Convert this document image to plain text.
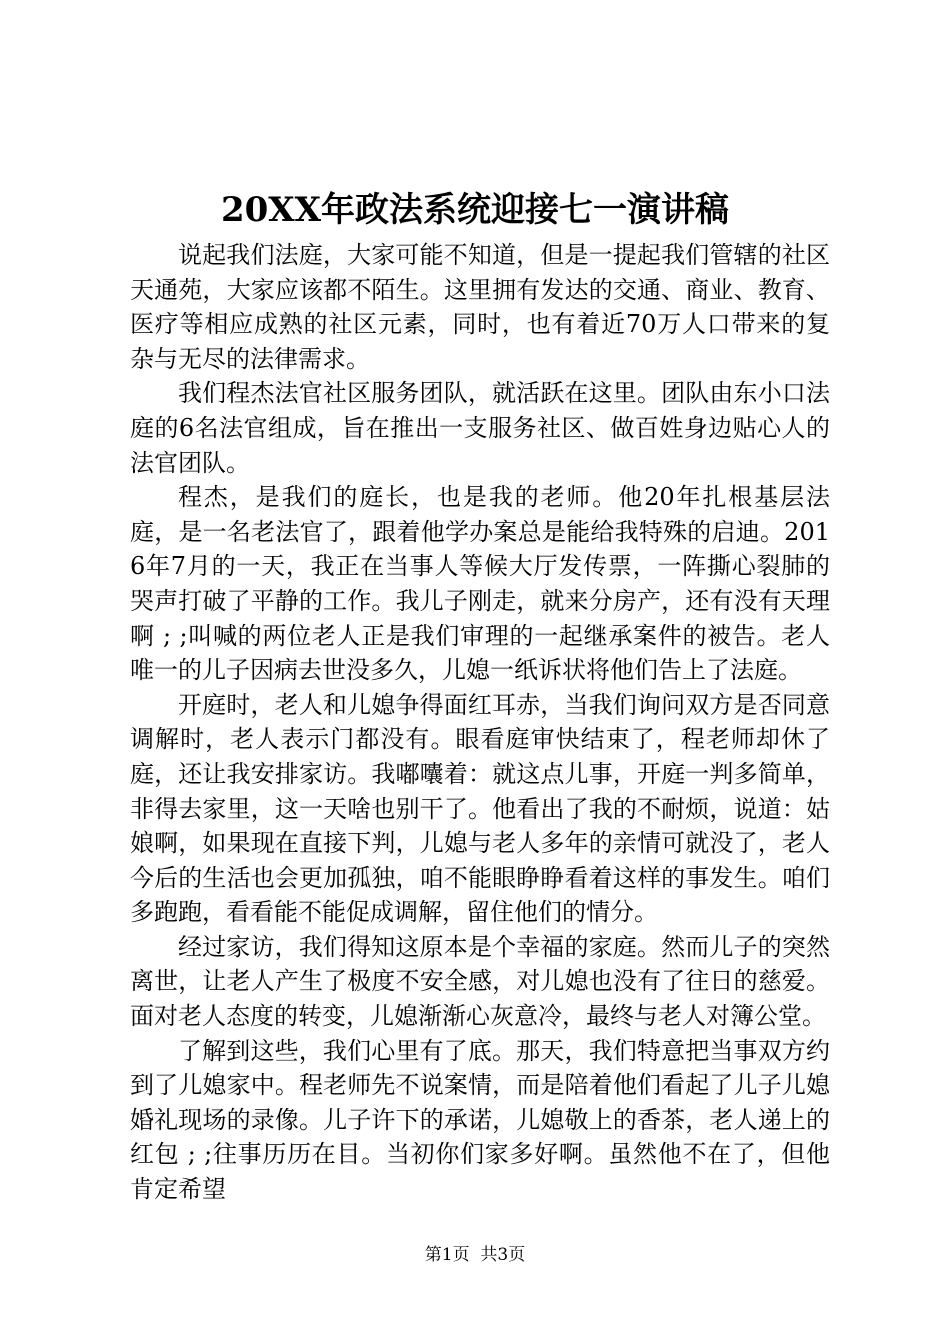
20XX年政法系统迎接七一演讲稿

说起我们法庭，大家可能不知道，但是一提起我们管辖的社区天通苑，大家应该都不陌生。这里拥有发达的交通、商业、教育、医疗等相应成熟的社区元素，同时，也有着近70万人口带来的复杂与无尽的法律需求。

我们程杰法官社区服务团队，就活跃在这里。团队由东小口法庭的6名法官组成，旨在推出一支服务社区、做百姓身边贴心人的法官团队。

程杰，是我们的庭长，也是我的老师。他20年扎根基层法庭，是一名老法官了，跟着他学办案总是能给我特殊的启迪。2016年7月的一天，我正在当事人等候大厅发传票，一阵撕心裂肺的哭声打破了平静的工作。我儿子刚走，就来分房产，还有没有天理啊 ; ;叫喊的两位老人正是我们审理的一起继承案件的被告。老人唯一的儿子因病去世没多久，儿媳一纸诉状将他们告上了法庭。

开庭时，老人和儿媳争得面红耳赤，当我们询问双方是否同意调解时，老人表示门都没有。眼看庭审快结束了，程老师却休了庭，还让我安排家访。我嘟囔着：就这点儿事，开庭一判多简单，非得去家里，这一天啥也别干了。他看出了我的不耐烦，说道：姑娘啊，如果现在直接下判，儿媳与老人多年的亲情可就没了，老人今后的生活也会更加孤独，咱不能眼睁睁看着这样的事发生。咱们多跑跑，看看能不能促成调解，留住他们的情分。

经过家访，我们得知这原本是个幸福的家庭。然而儿子的突然离世，让老人产生了极度不安全感，对儿媳也没有了往日的慈爱。面对老人态度的转变，儿媳渐渐心灰意冷，最终与老人对簿公堂。

了解到这些，我们心里有了底。那天，我们特意把当事双方约到了儿媳家中。程老师先不说案情，而是陪着他们看起了儿子儿媳婚礼现场的录像。儿子许下的承诺，儿媳敬上的香茶，老人递上的红包 ; ;往事历历在目。当初你们家多好啊。虽然他不在了，但他肯定希望

第1页 共3页
